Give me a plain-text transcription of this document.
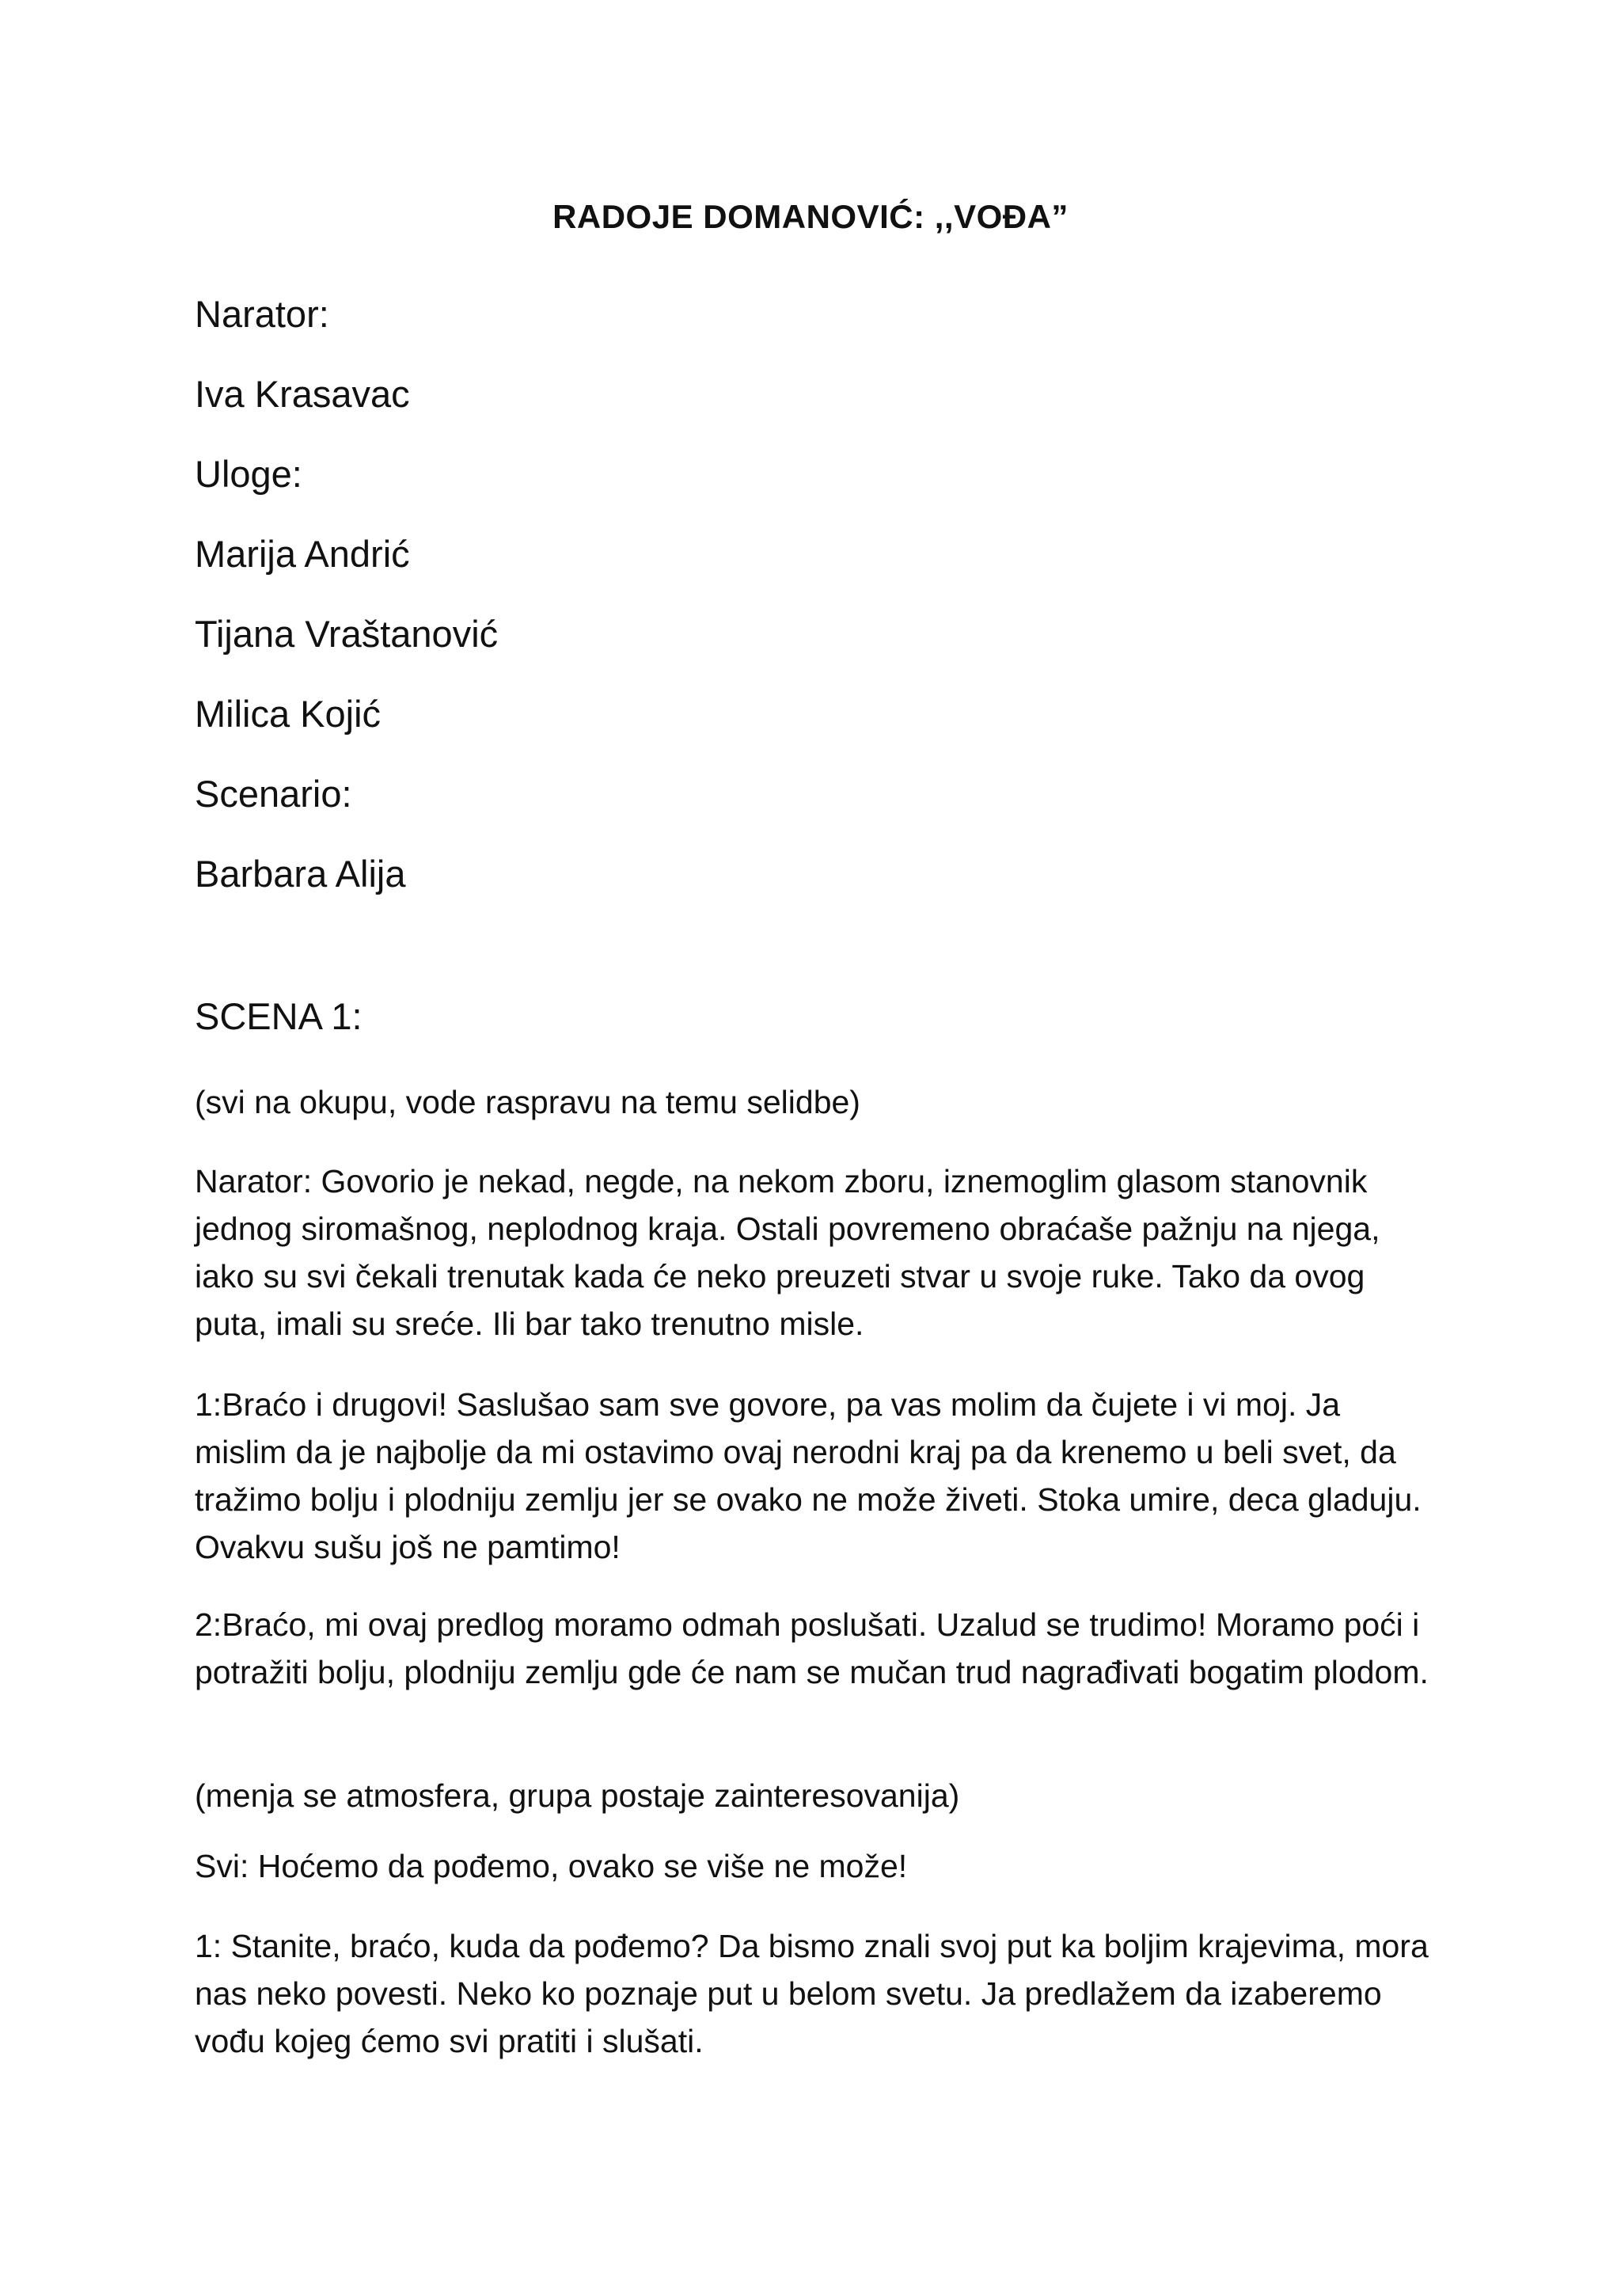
RADOJE DOMANOVIĆ: ,,VOĐA”
Narator:
Iva Krasavac
Uloge:
Marija Andrić
Tijana Vraštanović
Milica Kojić
Scenario:
Barbara Alija
SCENA 1:

(svi na okupu, vode raspravu na temu selidbe)

Narator: Govorio je nekad, negde, na nekom zboru, iznemoglim glasom stanovnik jednog siromašnog, neplodnog kraja. Ostali povremeno obraćaše pažnju na njega, iako su svi čekali trenutak kada će neko preuzeti stvar u svoje ruke. Tako da ovog puta, imali su sreće. Ili bar tako trenutno misle.

1:Braćo i drugovi! Saslušao sam sve govore, pa vas molim da čujete i vi moj. Ja mislim da je najbolje da mi ostavimo ovaj nerodni kraj pa da krenemo u beli svet, da tražimo bolju i plodniju zemlju jer se ovako ne može živeti. Stoka umire, deca gladuju. Ovakvu sušu još ne pamtimo!

2:Braćo, mi ovaj predlog moramo odmah poslušati. Uzalud se trudimo! Moramo poći i potražiti bolju, plodniju zemlju gde će nam se mučan trud nagrađivati bogatim plodom.

(menja se atmosfera, grupa postaje zainteresovanija)

Svi: Hoćemo da pođemo, ovako se više ne može!

1: Stanite, braćo, kuda da pođemo? Da bismo znali svoj put ka boljim krajevima, mora nas neko povesti. Neko ko poznaje put u belom svetu. Ja predlažem da izaberemo vođu kojeg ćemo svi pratiti i slušati.
